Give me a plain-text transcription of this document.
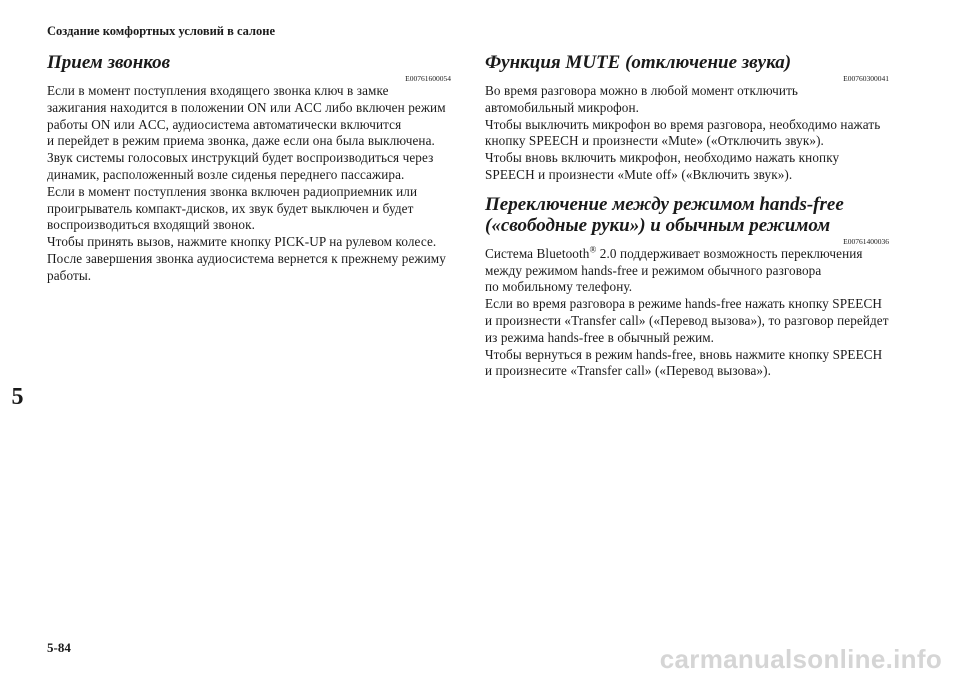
Создание комфортных условий в салоне
Прием звонков
E00761600054

Если в момент поступления входящего звонка ключ в замке

зажигания находится в положении ON или ACC либо включен режим

работы ON или ACC, аудиосистема автоматически включится

и перейдет в режим приема звонка, даже если она была выключена.

Звук системы голосовых инструкций будет воспроизводиться через

динамик, расположенный возле сиденья переднего пассажира.

Если в момент поступления звонка включен радиоприемник или

проигрыватель компакт-дисков, их звук будет выключен и будет

воспроизводиться входящий звонок.

Чтобы принять вызов, нажмите кнопку PICK-UP на рулевом колесе.

После завершения звонка аудиосистема вернется к прежнему режиму

работы.

Функция MUTE (отключение звука)
E00760300041

Во время разговора можно в любой момент отключить

автомобильный микрофон.

Чтобы выключить микрофон во время разговора, необходимо нажать

кнопку SPEECH и произнести «Mute» («Отключить звук»).

Чтобы вновь включить микрофон, необходимо нажать кнопку

SPEECH и произнести «Mute off» («Включить звук»).

Переключение между режимом hands-free
(«свободные руки») и обычным режимом
E00761400036

Система Bluetooth® 2.0 поддерживает возможность переключения

между режимом hands-free и режимом обычного разговора

по мобильному телефону.

Если во время разговора в режиме hands-free нажать кнопку SPEECH

и произнести «Transfer call» («Перевод вызова»), то разговор перейдет

из режима hands-free в обычный режим.

Чтобы вернуться в режим hands-free, вновь нажмите кнопку SPEECH

и произнесите «Transfer call» («Перевод вызова»).

5
5-84	carmanualsonline.info
